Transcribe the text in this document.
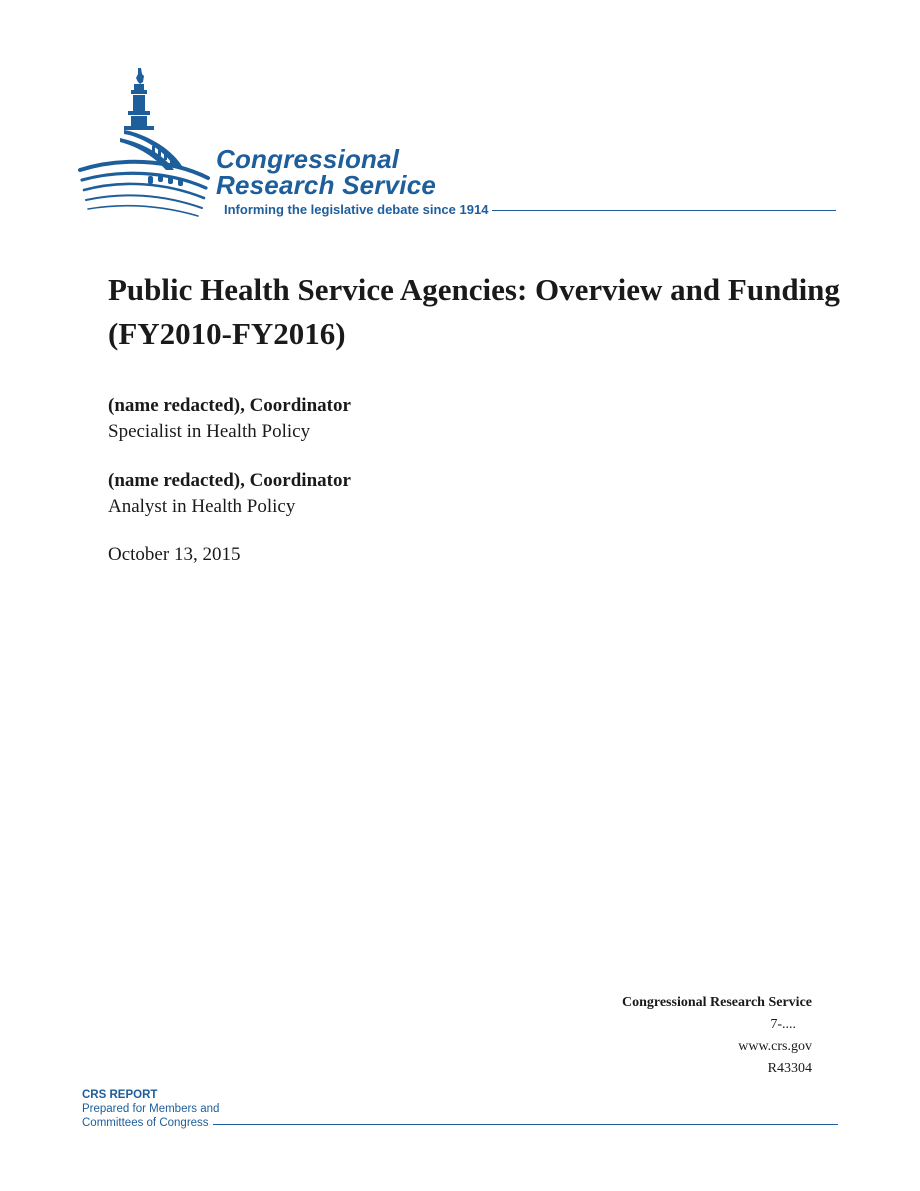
Congressional
Research Service
Informing the legislative debate since 1914
Public Health Service Agencies: Overview and Funding (FY2010-FY2016)
(name redacted), Coordinator
Specialist in Health Policy
(name redacted), Coordinator
Analyst in Health Policy
October 13, 2015
Congressional Research Service
7-....
www.crs.gov
R43304
CRS REPORT
Prepared for Members and
Committees of Congress
